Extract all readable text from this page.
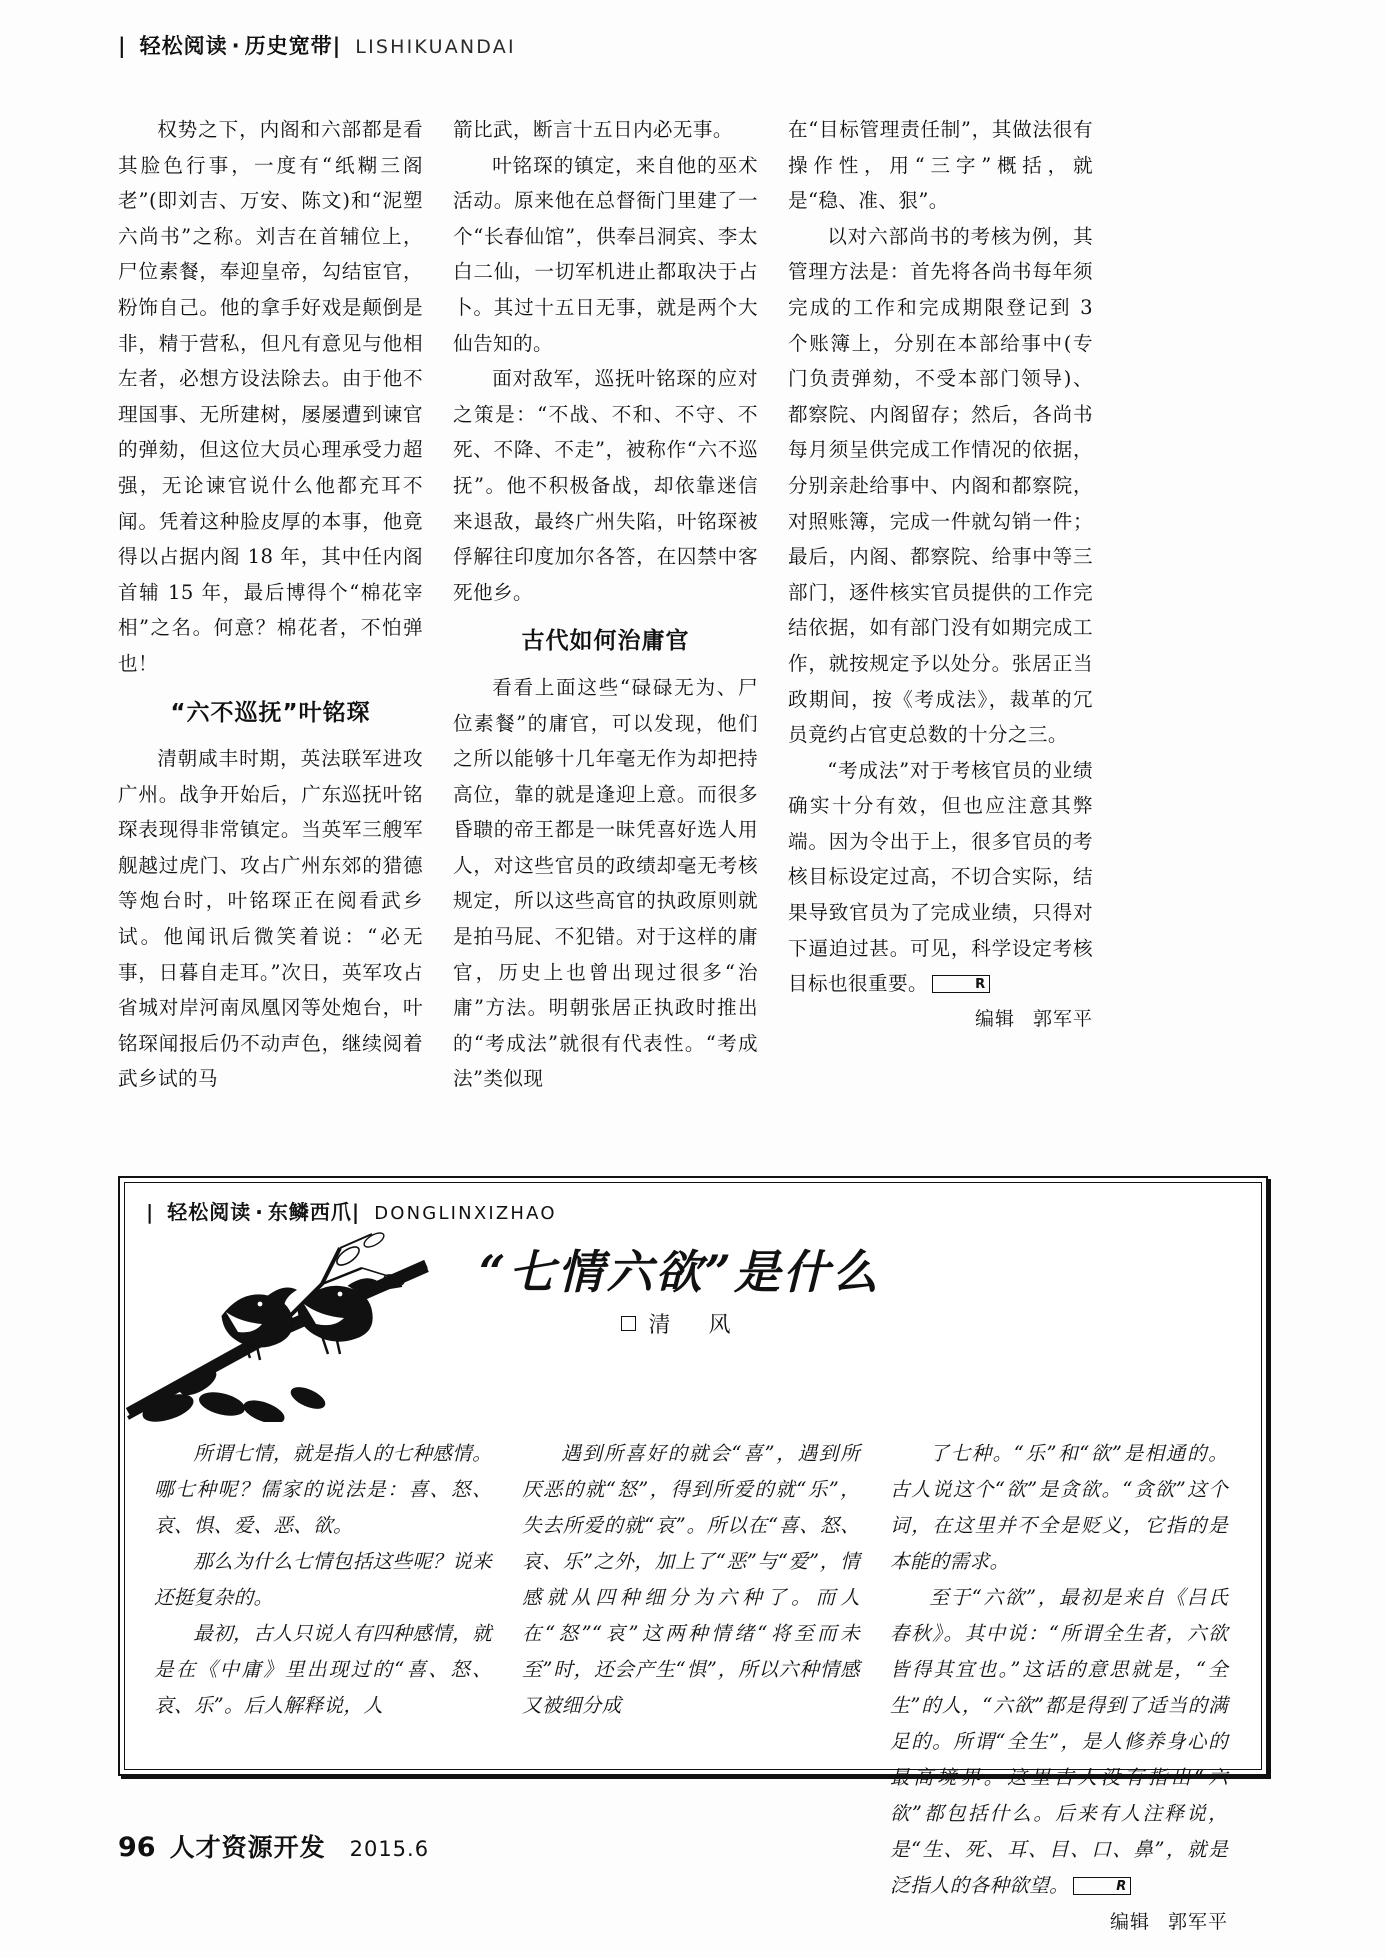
| 轻松阅读 · 历史宽带| LISHIKUANDAI

权势之下，内阁和六部都是看其脸色行事，一度有“纸糊三阁老”(即刘吉、万安、陈文)和“泥塑六尚书”之称。刘吉在首辅位上，尸位素餐，奉迎皇帝，勾结宦官，粉饰自己。他的拿手好戏是颠倒是非，精于营私，但凡有意见与他相左者，必想方设法除去。由于他不理国事、无所建树，屡屡遭到谏官的弹劾，但这位大员心理承受力超强，无论谏官说什么他都充耳不闻。凭着这种脸皮厚的本事，他竟得以占据内阁 18 年，其中任内阁首辅 15 年，最后博得个“棉花宰相”之名。何意？棉花者，不怕弹也！

“六不巡抚”叶铭琛

清朝咸丰时期，英法联军进攻广州。战争开始后，广东巡抚叶铭琛表现得非常镇定。当英军三艘军舰越过虎门、攻占广州东郊的猎德等炮台时，叶铭琛正在阅看武乡试。他闻讯后微笑着说：“必无事，日暮自走耳。”次日，英军攻占省城对岸河南凤凰冈等处炮台，叶铭琛闻报后仍不动声色，继续阅着武乡试的马

箭比武，断言十五日内必无事。

叶铭琛的镇定，来自他的巫术活动。原来他在总督衙门里建了一个“长春仙馆”，供奉吕洞宾、李太白二仙，一切军机进止都取决于占卜。其过十五日无事，就是两个大仙告知的。

面对敌军，巡抚叶铭琛的应对之策是：“不战、不和、不守、不死、不降、不走”，被称作“六不巡抚”。他不积极备战，却依靠迷信来退敌，最终广州失陷，叶铭琛被俘解往印度加尔各答，在囚禁中客死他乡。

古代如何治庸官

看看上面这些“碌碌无为、尸位素餐”的庸官，可以发现，他们之所以能够十几年毫无作为却把持高位，靠的就是逢迎上意。而很多昏聩的帝王都是一昧凭喜好选人用人，对这些官员的政绩却毫无考核规定，所以这些高官的执政原则就是拍马屁、不犯错。对于这样的庸官，历史上也曾出现过很多“治庸”方法。明朝张居正执政时推出的“考成法”就很有代表性。“考成法”类似现

在“目标管理责任制”，其做法很有操作性，用“三字”概括，就是“稳、准、狠”。

以对六部尚书的考核为例，其管理方法是：首先将各尚书每年须完成的工作和完成期限登记到 3 个账簿上，分别在本部给事中(专门负责弹劾，不受本部门领导)、都察院、内阁留存；然后，各尚书每月须呈供完成工作情况的依据，分别亲赴给事中、内阁和都察院，对照账簿，完成一件就勾销一件；最后，内阁、都察院、给事中等三部门，逐件核实官员提供的工作完结依据，如有部门没有如期完成工作，就按规定予以处分。张居正当政期间，按《考成法》，裁革的冗员竟约占官吏总数的十分之三。

“考成法”对于考核官员的业绩确实十分有效，但也应注意其弊端。因为令出于上，很多官员的考核目标设定过高，不切合实际，结果导致官员为了完成业绩，只得对下逼迫过甚。可见，科学设定考核目标也很重要。	R

编辑 郭军平

| 轻松阅读 · 东鳞西爪| DONGLINXIZHAO
“七情六欲”是什么
清　风

所谓七情，就是指人的七种感情。哪七种呢？儒家的说法是：喜、怒、哀、惧、爱、恶、欲。

那么为什么七情包括这些呢？说来还挺复杂的。

最初，古人只说人有四种感情，就是在《中庸》里出现过的“喜、怒、哀、乐”。后人解释说，人

遇到所喜好的就会“喜”，遇到所厌恶的就“怒”，得到所爱的就“乐”，失去所爱的就“哀”。所以在“喜、怒、哀、乐”之外，加上了“恶”与“爱”，情感就从四种细分为六种了。而人在“怒”“哀”这两种情绪“将至而未至”时，还会产生“惧”，所以六种情感又被细分成

了七种。“乐”和“欲”是相通的。古人说这个“欲”是贪欲。“贪欲”这个词，在这里并不全是贬义，它指的是本能的需求。

至于“六欲”，最初是来自《吕氏春秋》。其中说：“所谓全生者，六欲皆得其宜也。”这话的意思就是，“全生”的人，“六欲”都是得到了适当的满足的。所谓“全生”，是人修养身心的最高境界。这里古人没有指出“六欲”都包括什么。后来有人注释说，是“生、死、耳、目、口、鼻”，就是泛指人的各种欲望。	R

编辑 郭军平

96 人才资源开发 2015.6
